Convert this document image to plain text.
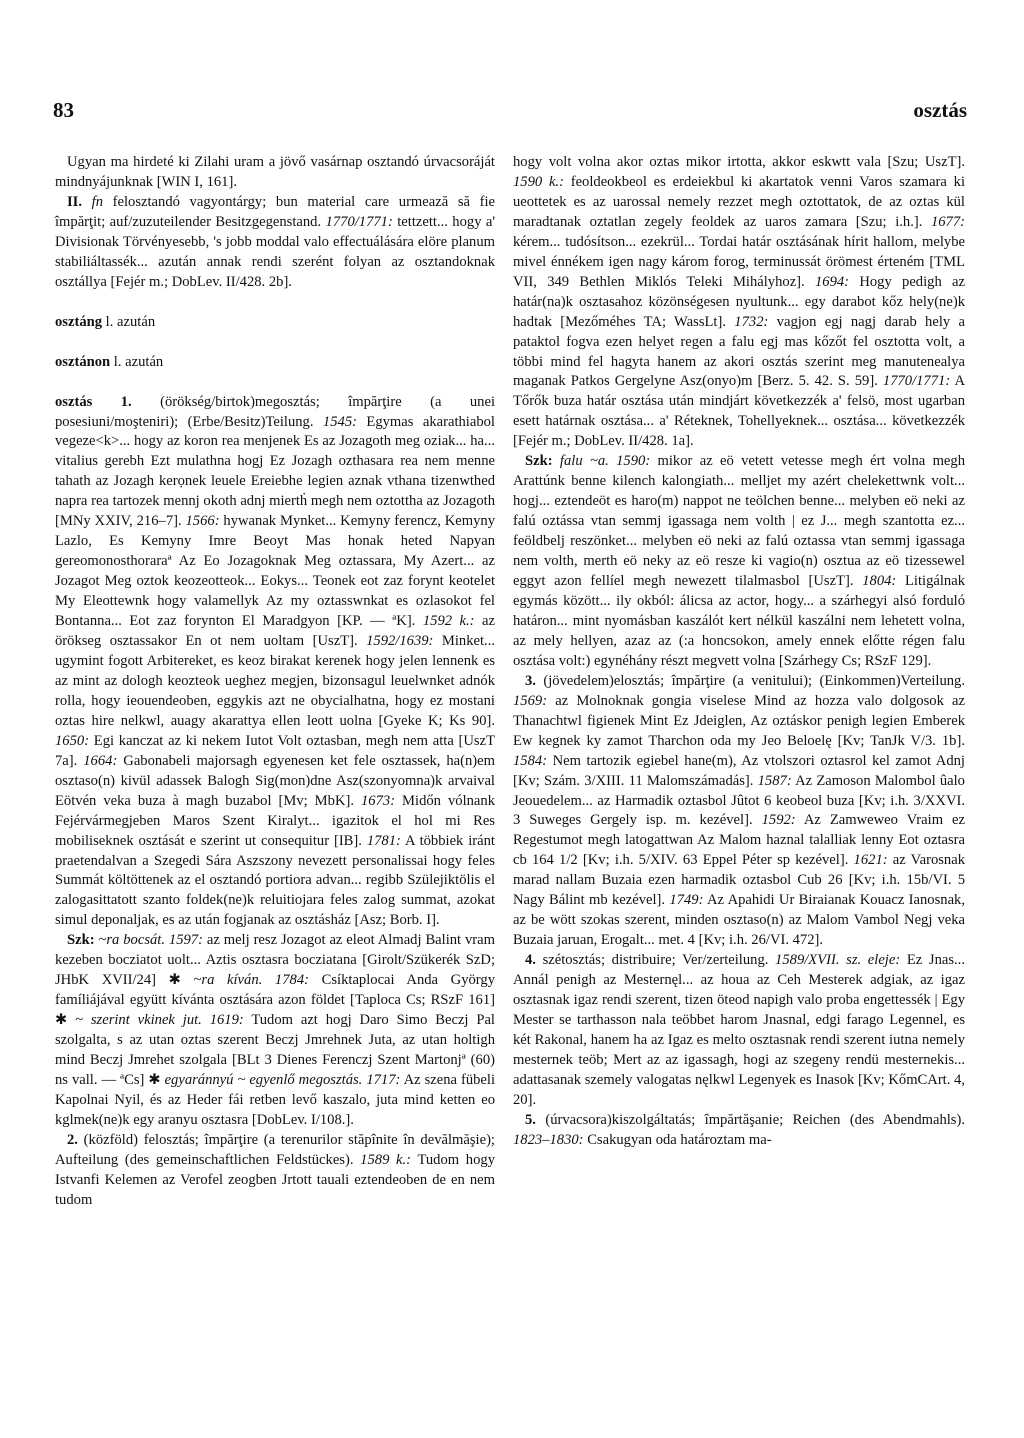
83	osztás

Ugyan ma hirdeté ki Zilahi uram a jövő vasárnap osztandó úrvacsoráját mindnyájunknak [WIN I, 161].

II. fn felosztandó vagyontárgy; bun material care urmează să fie împărţit; auf/zuzuteilender Besitzgegenstand. 1770/1771: tettzett... hogy a' Divisionak Törvényesebb, 's jobb moddal valo effectuálására elöre planum stabiliáltassék... azután annak rendi szerént folyan az osztandoknak osztállya [Fejér m.; DobLev. II/428. 2b].

osztáng l. azután

osztánon l. azután

osztás 1. (örökség/birtok)megosztás; împărţire (a unei posesiuni/moşteniri); (Erbe/Besitz)Teilung. 1545: Egymas akarathiabol vegeze<k>... hogy az koron rea menjenek Es az Jozagoth meg oziak... ha... vitalius gerebh Ezt mulathna hogj Ez Jozagh ozthasara rea nem menne tahath az Jozagh kerọnek leuele Ereiebhe legien aznak vthana tizenwthed napra rea tartozek mennj okoth adnj miertḣ megh nem oztottha az Jozagoth [MNy XXIV, 216–7]. 1566: hywanak Mynket... Kemyny ferencz, Kemyny Lazlo, Es Kemyny Imre Beoyt Mas honak heted Napyan gereomonosthoraraª Az Eo Jozagoknak Meg oztassara, My Azert... az Jozagot Meg oztok keozeotteok... Eokys... Teonek eot zaz forynt keotelet My Eleottewnk hogy valamellyk Az my oztasswnkat es ozlasokot fel Bontanna... Eot zaz forynton El Maradgyon [KP. — ªK]. 1592 k.: az örökseg osztassakor En ot nem uoltam [UszT]. 1592/1639: Minket... ugymint fogott Arbitereket, es keoz birakat kerenek hogy jelen lennenk es az mint az dologh keozteok ueghez megjen, bizonsagul leuelwnket adnók rolla, hogy ieouendeoben, eggykis azt ne obycialhatna, hogy ez mostani oztas hire nelkwl, auagy akarattya ellen leott uolna [Gyeke K; Ks 90]. 1650: Egi kanczat az ki nekem Iutot Volt oztasban, megh nem atta [UszT 7a]. 1664: Gabonabeli majorsagh egyenesen ket fele osztassek, ha(n)em osztaso(n) kivül adassek Balogh Sig(mon)dne Asz(szonyomna)k arvaival Eötvén veka buza à magh buzabol [Mv; MbK]. 1673: Midőn vólnank Fejérvármegjeben Maros Szent Kiralyt... igazitok el hol mi Res mobiliseknek osztását e szerint ut consequitur [IB]. 1781: A többiek iránt praetendalvan a Szegedi Sára Aszszony nevezett personalissai hogy feles Summát költöttenek az el osztandó portiora advan... regibb Szülejiktölis el zalogasittatott szanto foldek(ne)k reluitiojara feles zalog summat, azokat simul deponaljak, es az után fogjanak az osztásház [Asz; Borb. I].

Szk: ~ra bocsát. 1597: az melj resz Jozagot az eleot Almadj Balint vram kezeben bocziatot uolt... Aztis osztasra bocziatana [Girolt/Szükerék SzD; JHbK XVII/24] ✱ ~ra kíván. 1784: Csíktaplocai Anda György famíliájával együtt kívánta osztására azon földet [Taploca Cs; RSzF 161] ✱ ~ szerint vkinek jut. 1619: Tudom azt hogj Daro Simo Beczj Pal szolgalta, s az utan oztas szerent Beczj Jmrehnek Juta, az utan holtigh mind Beczj Jmrehet szolgala [BLt 3 Dienes Ferenczj Szent Martonjª (60) ns vall. — ªCs] ✱ egyaránnyú ~ egyenlő megosztás. 1717: Az szena fübeli Kapolnai Nyil, és az Heder fái retben levő kaszalo, juta mind ketten eo kglmek(ne)k egy aranyu osztasra [DobLev. I/108.].

2. (közföld) felosztás; împărţire (a terenurilor stăpînite în devălmăşie); Aufteilung (des gemeinschaftlichen Feldstückes). 1589 k.: Tudom hogy Istvanfi Kelemen az Verofel zeogben Jrtott tauali eztendeoben de en nem tudom

hogy volt volna akor oztas mikor irtotta, akkor eskwtt vala [Szu; UszT]. 1590 k.: feoldeokbeol es erdeiekbul ki akartatok venni Varos szamara ki ueottetek es az uarossal nemely rezzet megh oztottatok, de az oztas kül maradtanak oztatlan zegely feoldek az uaros zamara [Szu; i.h.]. 1677: kérem... tudósítson... ezekrül... Tordai határ osztásának hírit hallom, melybe mivel énnékem igen nagy károm forog, terminussát örömest érteném [TML VII, 349 Bethlen Miklós Teleki Mihályhoz]. 1694: Hogy pedigh az határ(na)k osztasahoz közönségesen nyultunk... egy darabot kőz hely(ne)k hadtak [Mezőméhes TA; WassLt]. 1732: vagjon egj nagj darab hely a pataktol fogva ezen helyet regen a falu egj mas kőzőt fel osztotta volt, a többi mind fel hagyta hanem az akori osztás szerint meg manutenealya maganak Patkos Gergelyne Asz(onyo)m [Berz. 5. 42. S. 59]. 1770/1771: A Tőrők buza határ osztása után mindjárt következzék a' felsö, most ugarban esett határnak osztása... a' Réteknek, Tohellyeknek... osztása... következzék [Fejér m.; DobLev. II/428. 1a].

Szk: falu ~a. 1590: mikor az eö vetett vetesse megh ért volna megh Arattúnk benne kilench kalongiath... melljet my azért chelekettwnk volt... hogj... eztendeöt es haro(m) nappot ne teölchen benne... melyben eö neki az falú oztássa vtan semmj igassaga nem volth | ez J... megh szantotta ez... feöldbelj reszönket... melyben eö neki az falú oztassa vtan semmj igassaga nem volth, merth eö neky az eö resze ki vagio(n) osztua az eö tizessewel eggyt azon fellíel megh newezett tilalmasbol [UszT]. 1804: Litigálnak egymás között... ily okból: álicsa az actor, hogy... a szárhegyi alsó forduló határon... mint nyomásban kaszálót kert nélkül kaszálni nem lehetett volna, az mely hellyen, azaz az (:a honcsokon, amely ennek előtte régen falu osztása volt:) egynéhány részt megvett volna [Szárhegy Cs; RSzF 129].

3. (jövedelem)elosztás; împărţire (a venitului); (Einkommen)Verteilung. 1569: az Molnoknak gongia viselese Mind az hozza valo dolgosok az Thanachtwl figienek Mint Ez Jdeiglen, Az oztáskor penigh legien Emberek Ew kegnek ky zamot Tharchon oda my Jeo Beloelę [Kv; TanJk V/3. 1b]. 1584: Nem tartozik egiebel hane(m), Az vtolszori oztasrol kel zamot Adnj [Kv; Szám. 3/XIII. 11 Malomszámadás]. 1587: Az Zamoson Malombol ûalo Jeouedelem... az Harmadik oztasbol Jûtot 6 keobeol buza [Kv; i.h. 3/XXVI. 3 Suweges Gergely isp. m. kezével]. 1592: Az Zamweweo Vraim ez Regestumot megh latogattwan Az Malom haznal talalliak lenny Eot oztasra cb 164 1/2 [Kv; i.h. 5/XIV. 63 Eppel Péter sp kezével]. 1621: az Varosnak marad nallam Buzaia ezen harmadik oztasbol Cub 26 [Kv; i.h. 15b/VI. 5 Nagy Bálint mb kezével]. 1749: Az Apahidi Ur Biraianak Kouacz Ianosnak, az be wött szokas szerent, minden osztaso(n) az Malom Vambol Negj veka Buzaia jaruan, Erogalt... met. 4 [Kv; i.h. 26/VI. 472].

4. szétosztás; distribuire; Ver/zerteilung. 1589/XVII. sz. eleje: Ez Jnas... Annál penigh az Mesternęl... az houa az Ceh Mesterek adgiak, az igaz osztasnak igaz rendi szerent, tizen öteod napigh valo proba engettessék | Egy Mester se tarthasson nala teöbbet harom Jnasnal, edgi farago Legennel, es két Rakonal, hanem ha az Igaz es melto osztasnak rendi szerent iutna nemely mesternek teöb; Mert az az igassagh, hogi az szegeny rendü mesternekis... adattasanak szemely valogatas nęlkwl Legenyek es Inasok [Kv; KőmCArt. 4, 20].

5. (úrvacsora)kiszolgáltatás; împărtăşanie; Reichen (des Abendmahls). 1823–1830: Csakugyan oda határoztam ma-
